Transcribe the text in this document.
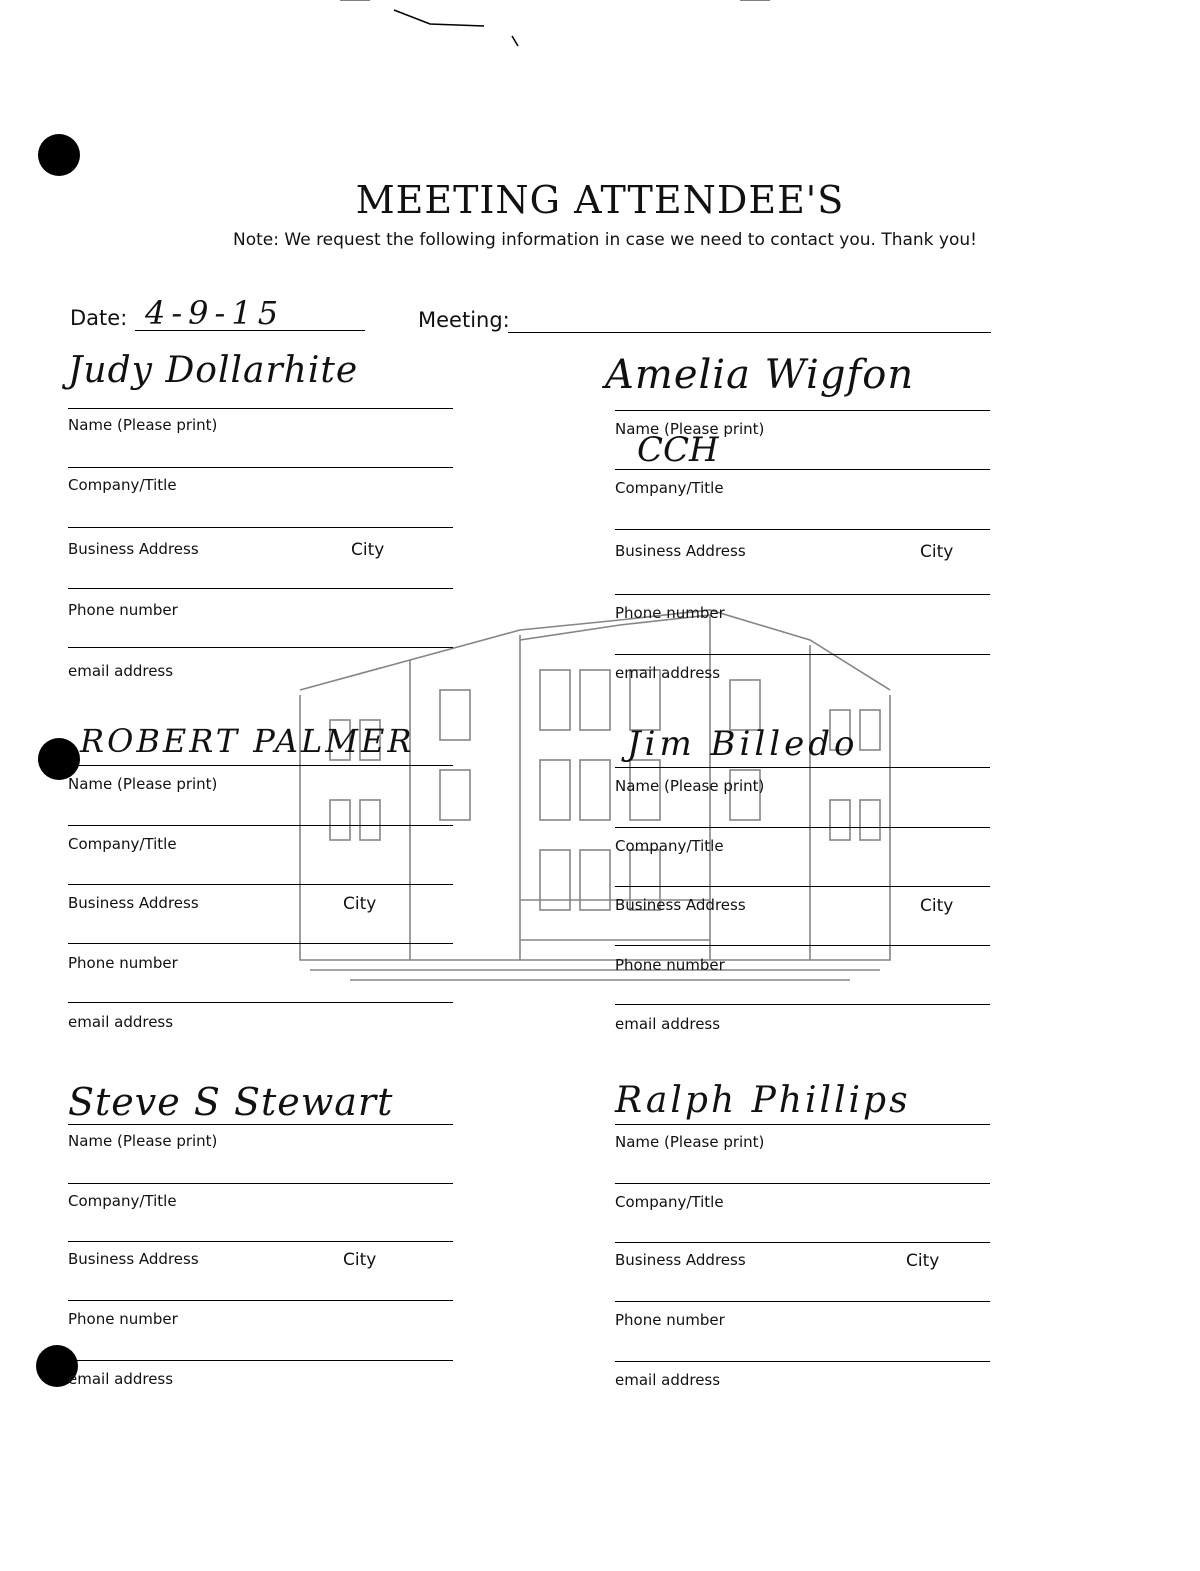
MEETING ATTENDEE'S
Note: We request the following information in case we need to contact you. Thank you!
Date: 4-9-15	Meeting:
Judy Dollarhite
Name (Please print)
Company/Title
Business Address	City
Phone number
email address
Amelia Wigfon
Name (Please print)
CCH
Company/Title
Business Address	City
Phone number
email address
ROBERT PALMER
Name (Please print)
Company/Title
Business Address	City
Phone number
email address
Jim Billedo
Name (Please print)
Company/Title
Business Address	City
Phone number
email address
Steve S Stewart
Name (Please print)
Company/Title
Business Address	City
Phone number
email address
Ralph Phillips
Name (Please print)
Company/Title
Business Address	City
Phone number
email address
